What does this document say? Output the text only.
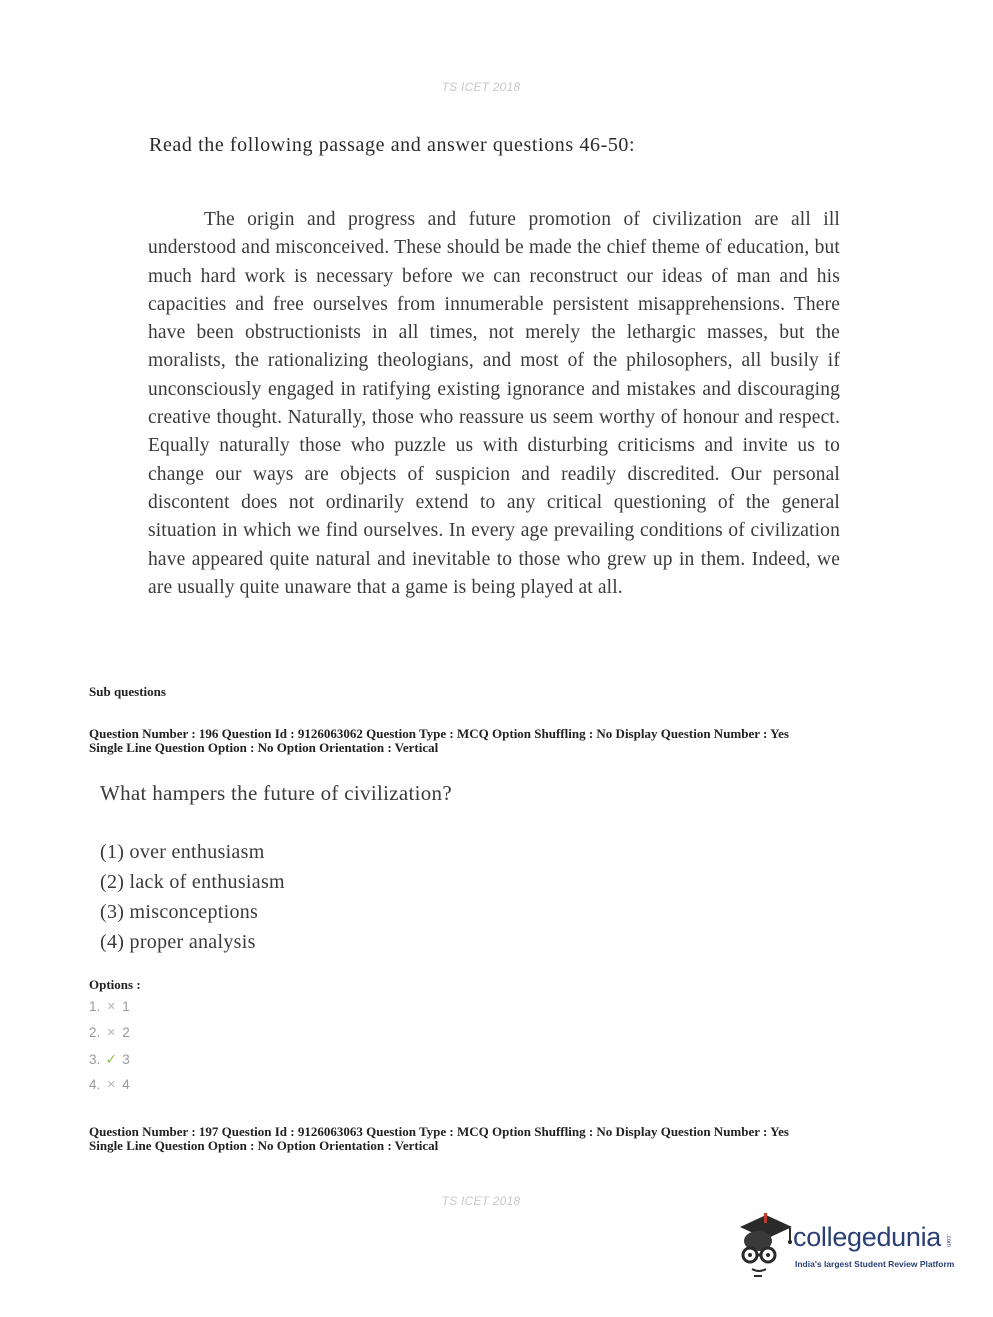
TS ICET 2018
Read the following passage and answer questions 46-50:
The origin and progress and future promotion of civilization are all ill understood and misconceived. These should be made the chief theme of education, but much hard work is necessary before we can reconstruct our ideas of man and his capacities and free ourselves from innumerable persistent misapprehensions. There have been obstructionists in all times, not merely the lethargic masses, but the moralists, the rationalizing theologians, and most of the philosophers, all busily if unconsciously engaged in ratifying existing ignorance and mistakes and discouraging creative thought. Naturally, those who reassure us seem worthy of honour and respect. Equally naturally those who puzzle us with disturbing criticisms and invite us to change our ways are objects of suspicion and readily discredited. Our personal discontent does not ordinarily extend to any critical questioning of the general situation in which we find ourselves. In every age prevailing conditions of civilization have appeared quite natural and inevitable to those who grew up in them. Indeed, we are usually quite unaware that a game is being played at all.
Sub questions
Question Number : 196 Question Id : 9126063062 Question Type : MCQ Option Shuffling : No Display Question Number : Yes
Single Line Question Option : No Option Orientation : Vertical
What hampers the future of civilization?
(1) over enthusiasm
(2) lack of enthusiasm
(3) misconceptions
(4) proper analysis
Options :
1. ✕ 1
2. ✕ 2
3. ✓ 3
4. ✕ 4
Question Number : 197 Question Id : 9126063063 Question Type : MCQ Option Shuffling : No Display Question Number : Yes
Single Line Question Option : No Option Orientation : Vertical
TS ICET 2018
collegedunia .com
India's largest Student Review Platform
